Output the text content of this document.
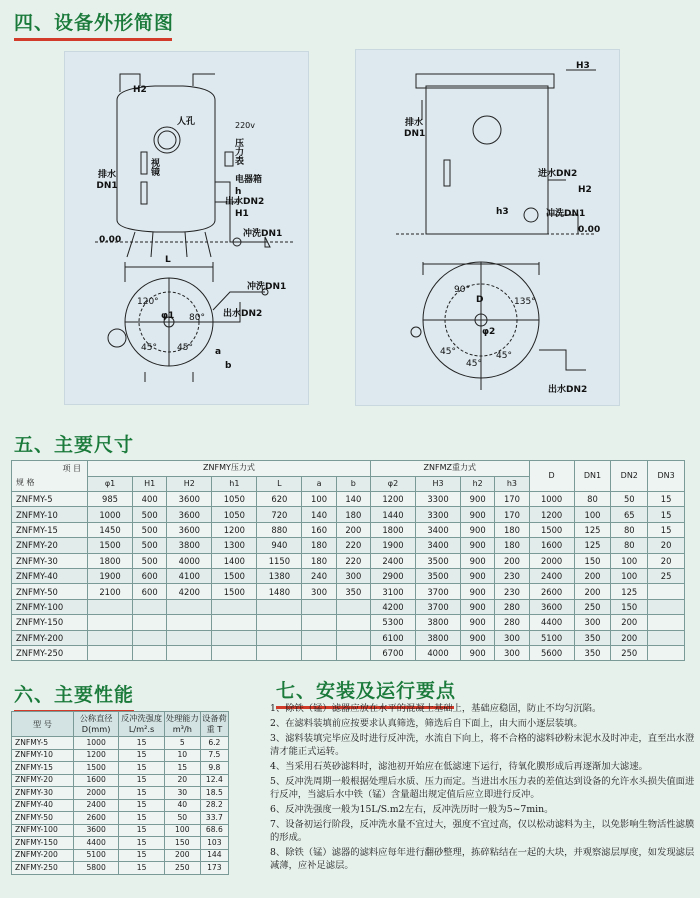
四、设备外形简图
H2
人孔	220v
压力表
视镜
排水DN1
电器箱
h
出水DN2
H1
0.00
冲洗DN1
L
冲洗DN1
出水DN2
φ1
120°
80°
45° 45° a
b
H3
排水DN1
进水DN2
H2
h3	冲洗DN1
0.00
D
φ2
90°
135°
45°
45°
45°
出水DN2
五、主要尺寸
项 目
规 格	ZNFMY压力式							ZNFMZ重力式				D	DN1	DN2	DN3
	φ1	H1	H2	h1	L	a	b	φ2	H3	h2	h3				
ZNFMY-5	985	400	3600	1050	620	100	140	1200	3300	900	170	1000	80	50	15
ZNFMY-10	1000	500	3600	1050	720	140	180	1440	3300	900	170	1200	100	65	15
ZNFMY-15	1450	500	3600	1200	880	160	200	1800	3400	900	180	1500	125	80	15
ZNFMY-20	1500	500	3800	1300	940	180	220	1900	3400	900	180	1600	125	80	20
ZNFMY-30	1800	500	4000	1400	1150	180	220	2400	3500	900	200	2000	150	100	20
ZNFMY-40	1900	600	4100	1500	1380	240	300	2900	3500	900	230	2400	200	100	25
ZNFMY-50	2100	600	4200	1500	1480	300	350	3100	3700	900	230	2600	200	125	
ZNFMY-100								4200	3700	900	280	3600	250	150	
ZNFMY-150								5300	3800	900	280	4400	300	200	
ZNFMY-200								6100	3800	900	300	5100	350	200	
ZNFMY-250								6700	4000	900	300	5600	350	250	
六、主要性能	七、安装及运行要点
型 号	公称直径 D(mm)	反冲洗强度 L/m².s	处理能力 m³/h	设备荷重 T
ZNFMY-5	1000	15	5	6.2
ZNFMY-10	1200	15	10	7.5
ZNFMY-15	1500	15	15	9.8
ZNFMY-20	1600	15	20	12.4
ZNFMY-30	2000	15	30	18.5
ZNFMY-40	2400	15	40	28.2
ZNFMY-50	2600	15	50	33.7
ZNFMY-100	3600	15	100	68.6
ZNFMY-150	4400	15	150	103
ZNFMY-200	5100	15	200	144
ZNFMY-250	5800	15	250	173

1、除铁（锰）滤器应放在水平的混凝土基础上，基础应稳固，防止不均匀沉陷。

2、在滤料装填前应按要求认真筛选，筛选后自下面上，由大而小逐层装填。

3、滤料装填完毕应及时进行反冲洗，水流自下向上，将不合格的滤料砂粉末泥水及时冲走，直至出水澄清才能正式运转。

4、当采用石英砂滤料时，滤池初开始应在低滤速下运行，待氧化膜形成后再逐渐加大滤速。

5、反冲洗周期一般根据处理后水质、压力而定。当进出水压力表的差值达到设备的允许水头损失值面进行反冲，当滤后水中铁（锰）含量超出规定值后应立即进行反冲。

6、反冲洗强度一般为15L/S.m2左右，反冲洗历时一般为5~7min。

7、设备初运行阶段，反冲洗水量不宜过大，强度不宜过高，仅以松动滤料为主，以免影响生物活性滤膜的形成。

8、除铁（锰）滤器的滤料应每年进行翻砂整理，拣碎粘结在一起的大块，并观察滤层厚度，如发现滤层减薄，应补足滤层。
